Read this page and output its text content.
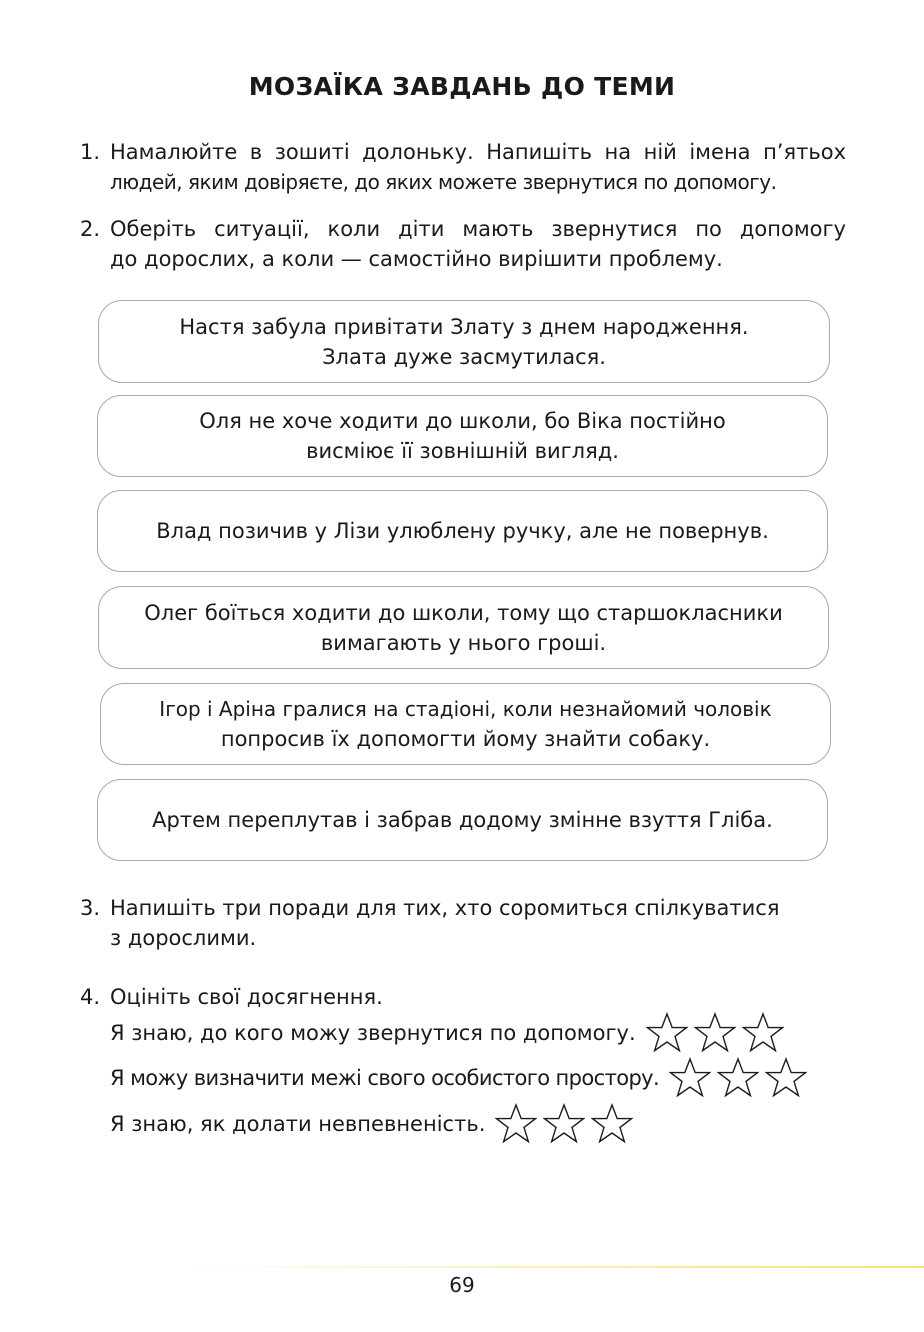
МОЗАЇКА ЗАВДАНЬ ДО ТЕМИ
1. Намалюйте в зошиті долоньку. Напишіть на ній імена п’ятьох
людей, яким довіряєте, до яких можете звернутися по допомогу.
2. Оберіть ситуації, коли діти мають звернутися по допомогу
до дорослих, а коли — самостійно вирішити проблему.
Настя забула привітати Злату з днем народження.
Злата дуже засмутилася.
Оля не хоче ходити до школи, бо Віка постійно
висміює її зовнішній вигляд.
Влад позичив у Лізи улюблену ручку, але не повернув.
Олег боїться ходити до школи, тому що старшокласники
вимагають у нього гроші.
Ігор і Аріна гралися на стадіоні, коли незнайомий чоловік
попросив їх допомогти йому знайти собаку.
Артем переплутав і забрав додому змінне взуття Гліба.
3. Напишіть три поради для тих, хто соромиться спілкуватися
з дорослими.
4. Оцініть свої досягнення.
Я знаю, до кого можу звернутися по допомогу.
Я можу визначити межі свого особистого простору.
Я знаю, як долати невпевненість.
69
